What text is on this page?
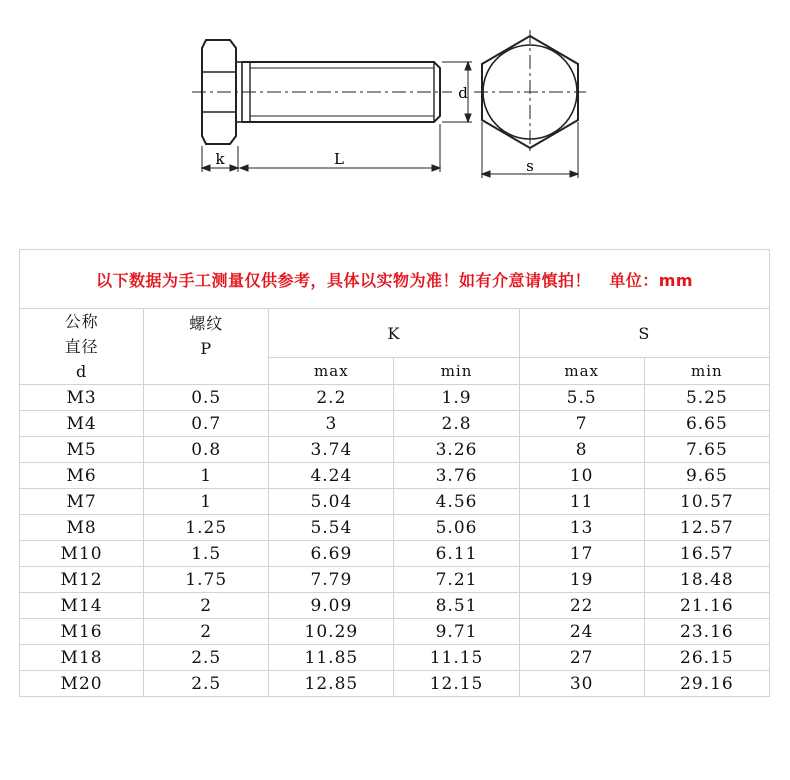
k	L
d
s
以下数据为手工测量仅供参考，具体以实物为准！如有介意请慎拍！ 单位：mm					

公称
直径
d	螺纹
P	K		S	
		max	min	max	min
M3	0.5	2.2	1.9	5.5	5.25
M4	0.7	3	2.8	7	6.65
M5	0.8	3.74	3.26	8	7.65
M6	1	4.24	3.76	10	9.65
M7	1	5.04	4.56	11	10.57
M8	1.25	5.54	5.06	13	12.57
M10	1.5	6.69	6.11	17	16.57
M12	1.75	7.79	7.21	19	18.48
M14	2	9.09	8.51	22	21.16
M16	2	10.29	9.71	24	23.16
M18	2.5	11.85	11.15	27	26.15
M20	2.5	12.85	12.15	30	29.16
